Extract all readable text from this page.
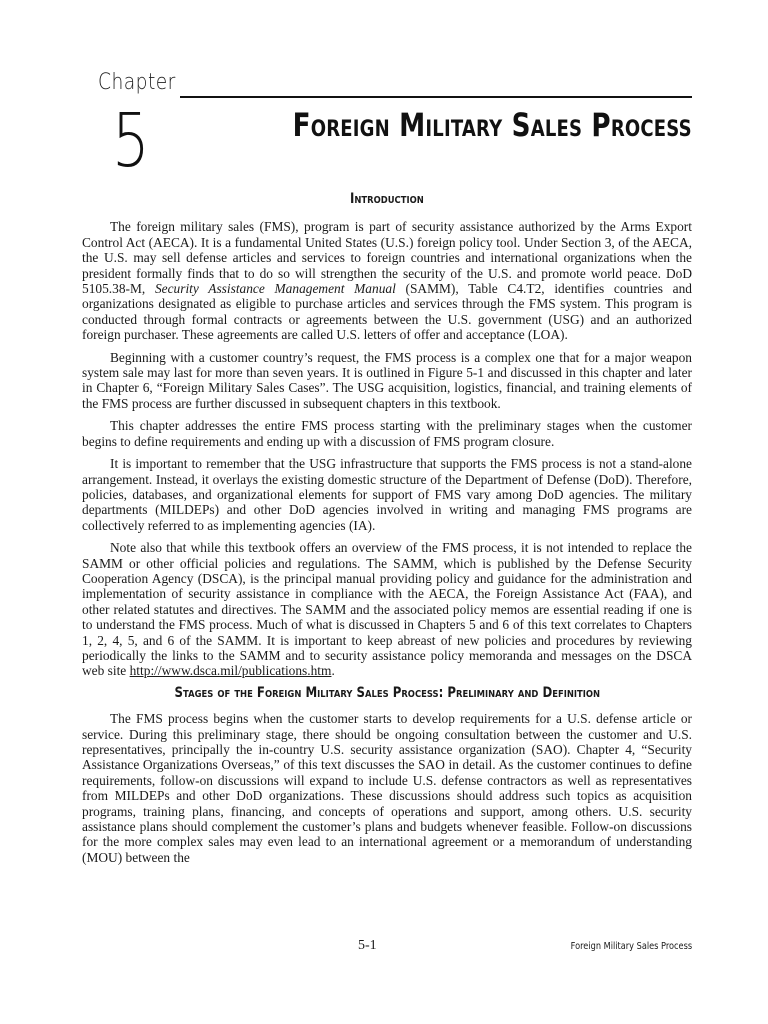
Chapter
5	Foreign Military Sales Process
Introduction

The foreign military sales (FMS), program is part of security assistance authorized by the Arms Export Control Act (AECA). It is a fundamental United States (U.S.) foreign policy tool. Under Section 3, of the AECA, the U.S. may sell defense articles and services to foreign countries and international organizations when the president formally finds that to do so will strengthen the security of the U.S. and promote world peace. DoD 5105.38-M, Security Assistance Management Manual (SAMM), Table C4.T2, identifies countries and organizations designated as eligible to purchase articles and services through the FMS system. This program is conducted through formal contracts or agreements between the U.S. government (USG) and an authorized foreign purchaser. These agreements are called U.S. letters of offer and acceptance (LOA).

Beginning with a customer country’s request, the FMS process is a complex one that for a major weapon system sale may last for more than seven years. It is outlined in Figure 5-1 and discussed in this chapter and later in Chapter 6, “Foreign Military Sales Cases”. The USG acquisition, logistics, financial, and training elements of the FMS process are further discussed in subsequent chapters in this textbook.

This chapter addresses the entire FMS process starting with the preliminary stages when the customer begins to define requirements and ending up with a discussion of FMS program closure.

It is important to remember that the USG infrastructure that supports the FMS process is not a stand-alone arrangement. Instead, it overlays the existing domestic structure of the Department of Defense (DoD). Therefore, policies, databases, and organizational elements for support of FMS vary among DoD agencies. The military departments (MILDEPs) and other DoD agencies involved in writing and managing FMS programs are collectively referred to as implementing agencies (IA).

Note also that while this textbook offers an overview of the FMS process, it is not intended to replace the SAMM or other official policies and regulations. The SAMM, which is published by the Defense Security Cooperation Agency (DSCA), is the principal manual providing policy and guidance for the administration and implementation of security assistance in compliance with the AECA, the Foreign Assistance Act (FAA), and other related statutes and directives. The SAMM and the associated policy memos are essential reading if one is to understand the FMS process. Much of what is discussed in Chapters 5 and 6 of this text correlates to Chapters 1, 2, 4, 5, and 6 of the SAMM. It is important to keep abreast of new policies and procedures by reviewing periodically the links to the SAMM and to security assistance policy memoranda and messages on the DSCA web site http://www.dsca.mil/publications.htm.

Stages of the Foreign Military Sales Process: Preliminary and Definition

The FMS process begins when the customer starts to develop requirements for a U.S. defense article or service. During this preliminary stage, there should be ongoing consultation between the customer and U.S. representatives, principally the in-country U.S. security assistance organization (SAO). Chapter 4, “Security Assistance Organizations Overseas,” of this text discusses the SAO in detail. As the customer continues to define requirements, follow-on discussions will expand to include U.S. defense contractors as well as representatives from MILDEPs and other DoD organizations. These discussions should address such topics as acquisition programs, training plans, financing, and concepts of operations and support, among others. U.S. security assistance plans should complement the customer’s plans and budgets whenever feasible. Follow-on discussions for the more complex sales may even lead to an international agreement or a memorandum of understanding (MOU) between the

5-1	Foreign Military Sales Process
